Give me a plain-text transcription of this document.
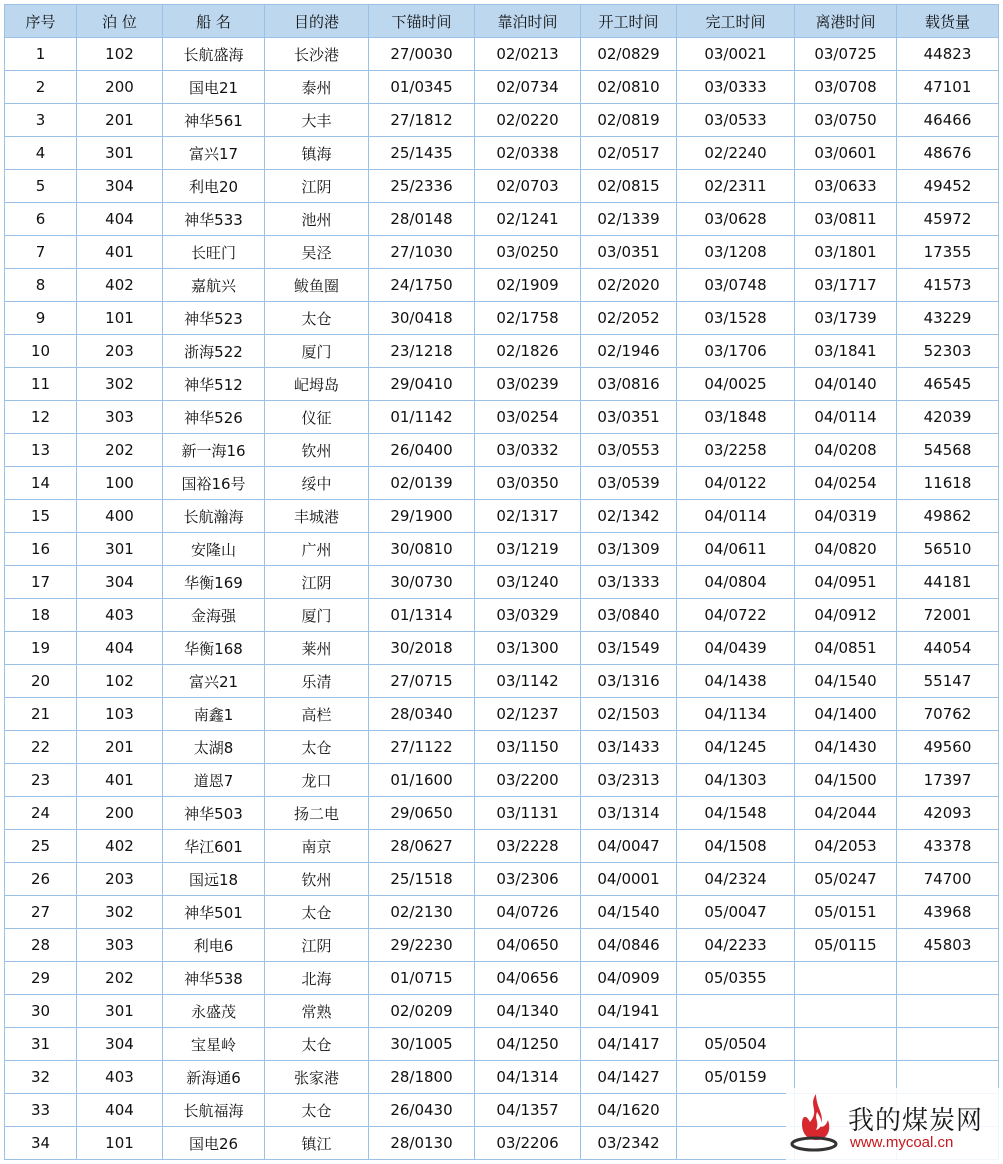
序号	泊 位	船 名	目的港	下锚时间	靠泊时间	开工时间	完工时间	离港时间	载货量
1	102	长航盛海	长沙港	27/0030	02/0213	02/0829	03/0021	03/0725	44823
2	200	国电21	泰州	01/0345	02/0734	02/0810	03/0333	03/0708	47101
3	201	神华561	大丰	27/1812	02/0220	02/0819	03/0533	03/0750	46466
4	301	富兴17	镇海	25/1435	02/0338	02/0517	02/2240	03/0601	48676
5	304	利电20	江阴	25/2336	02/0703	02/0815	02/2311	03/0633	49452
6	404	神华533	池州	28/0148	02/1241	02/1339	03/0628	03/0811	45972
7	401	长旺门	吴泾	27/1030	03/0250	03/0351	03/1208	03/1801	17355
8	402	嘉航兴	鲅鱼圈	24/1750	02/1909	02/2020	03/0748	03/1717	41573
9	101	神华523	太仓	30/0418	02/1758	02/2052	03/1528	03/1739	43229
10	203	浙海522	厦门	23/1218	02/1826	02/1946	03/1706	03/1841	52303
11	302	神华512	屺坶岛	29/0410	03/0239	03/0816	04/0025	04/0140	46545
12	303	神华526	仪征	01/1142	03/0254	03/0351	03/1848	04/0114	42039
13	202	新一海16	钦州	26/0400	03/0332	03/0553	03/2258	04/0208	54568
14	100	国裕16号	绥中	02/0139	03/0350	03/0539	04/0122	04/0254	11618
15	400	长航瀚海	丰城港	29/1900	02/1317	02/1342	04/0114	04/0319	49862
16	301	安隆山	广州	30/0810	03/1219	03/1309	04/0611	04/0820	56510
17	304	华衡169	江阴	30/0730	03/1240	03/1333	04/0804	04/0951	44181
18	403	金海强	厦门	01/1314	03/0329	03/0840	04/0722	04/0912	72001
19	404	华衡168	莱州	30/2018	03/1300	03/1549	04/0439	04/0851	44054
20	102	富兴21	乐清	27/0715	03/1142	03/1316	04/1438	04/1540	55147
21	103	南鑫1	高栏	28/0340	02/1237	02/1503	04/1134	04/1400	70762
22	201	太湖8	太仓	27/1122	03/1150	03/1433	04/1245	04/1430	49560
23	401	道恩7	龙口	01/1600	03/2200	03/2313	04/1303	04/1500	17397
24	200	神华503	扬二电	29/0650	03/1131	03/1314	04/1548	04/2044	42093
25	402	华江601	南京	28/0627	03/2228	04/0047	04/1508	04/2053	43378
26	203	国远18	钦州	25/1518	03/2306	04/0001	04/2324	05/0247	74700
27	302	神华501	太仓	02/2130	04/0726	04/1540	05/0047	05/0151	43968
28	303	利电6	江阴	29/2230	04/0650	04/0846	04/2233	05/0115	45803
29	202	神华538	北海	01/0715	04/0656	04/0909	05/0355		
30	301	永盛茂	常熟	02/0209	04/1340	04/1941			
31	304	宝星岭	太仓	30/1005	04/1250	04/1417	05/0504		
32	403	新海通6	张家港	28/1800	04/1314	04/1427	05/0159		
33	404	长航福海	太仓	26/0430	04/1357	04/1620			
34	101	国电26	镇江	28/0130	03/2206	03/2342			
我的煤炭网
www.mycoal.cn
